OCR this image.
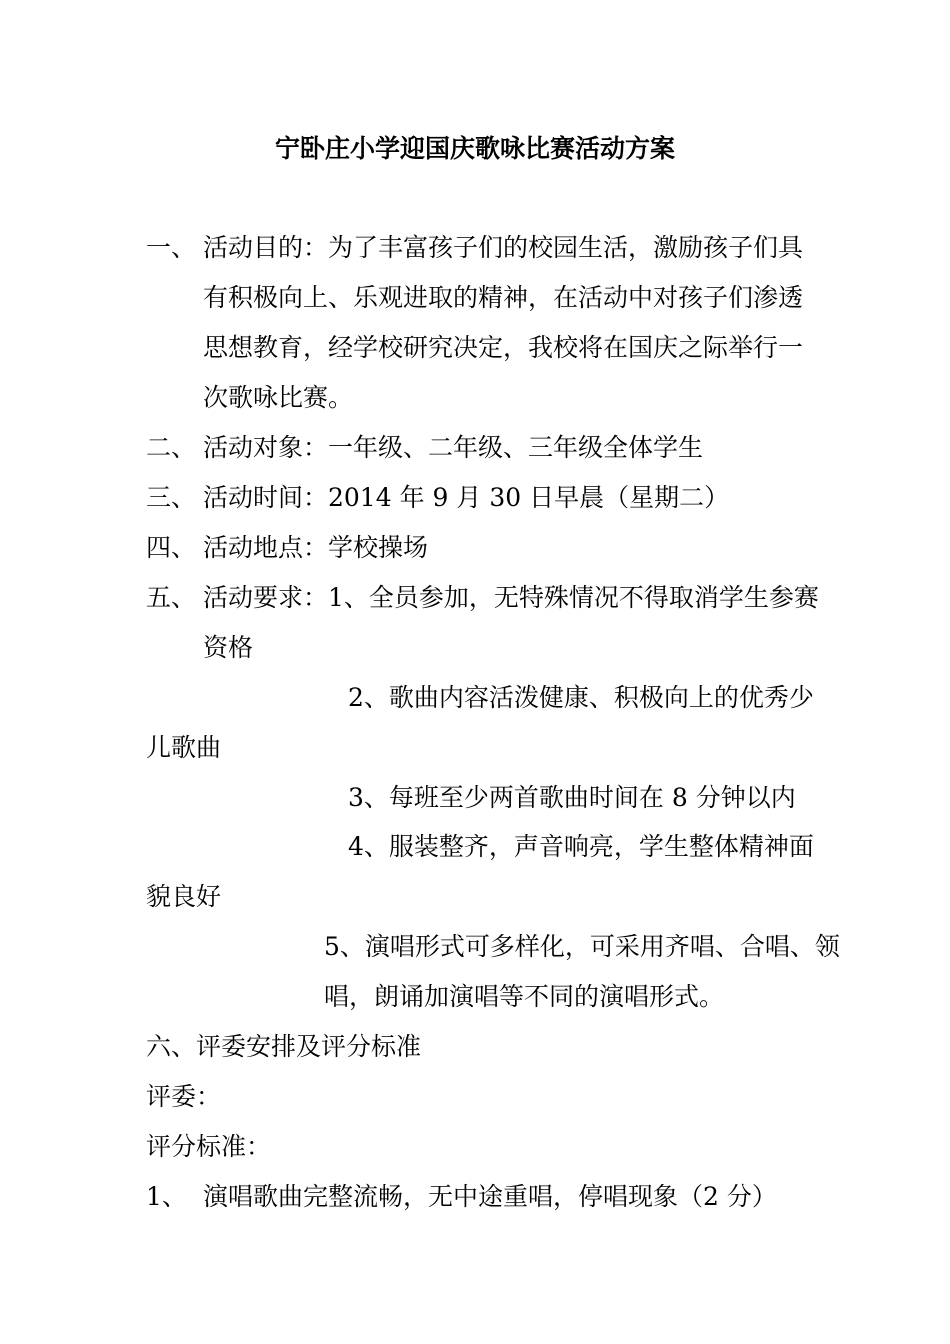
宁卧庄小学迎国庆歌咏比赛活动方案
一、 活动目的：为了丰富孩子们的校园生活，激励孩子们具
有积极向上、乐观进取的精神，在活动中对孩子们渗透
思想教育，经学校研究决定，我校将在国庆之际举行一
次歌咏比赛。
二、 活动对象：一年级、二年级、三年级全体学生
三、 活动时间：2014 年 9 月 30 日早晨（星期二）
四、 活动地点：学校操场
五、 活动要求：1、全员参加，无特殊情况不得取消学生参赛
资格
2、歌曲内容活泼健康、积极向上的优秀少
儿歌曲
3、每班至少两首歌曲时间在 8 分钟以内
4、服装整齐，声音响亮，学生整体精神面
貌良好
5、演唱形式可多样化，可采用齐唱、合唱、领
唱，朗诵加演唱等不同的演唱形式。
六、评委安排及评分标准
评委：
评分标准：
1、 演唱歌曲完整流畅，无中途重唱，停唱现象（2 分）
